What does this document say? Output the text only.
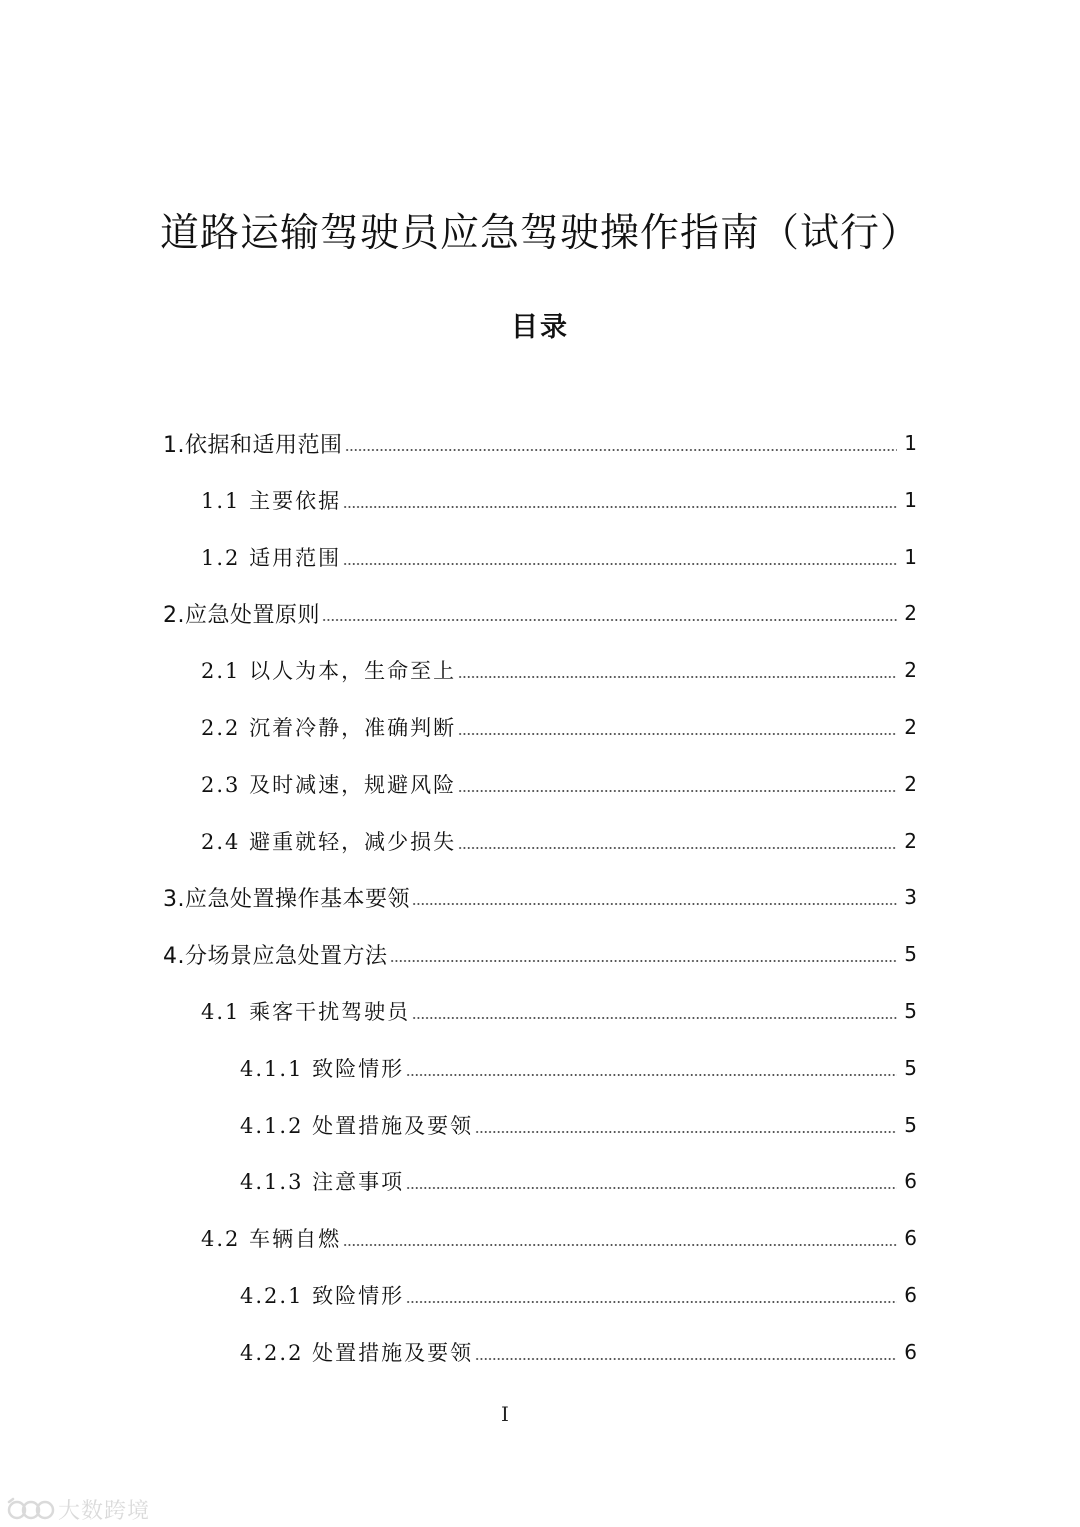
道路运输驾驶员应急驾驶操作指南（试行）
目录
1.依据和适用范围	1
1.1 主要依据	1
1.2 适用范围	1
2.应急处置原则	2
2.1 以人为本，生命至上	2
2.2 沉着冷静，准确判断	2
2.3 及时减速，规避风险	2
2.4 避重就轻，减少损失	2
3.应急处置操作基本要领	3
4.分场景应急处置方法	5
4.1 乘客干扰驾驶员	5
4.1.1 致险情形	5
4.1.2 处置措施及要领	5
4.1.3 注意事项	6
4.2 车辆自燃	6
4.2.1 致险情形	6
4.2.2 处置措施及要领	6
I
大数跨境
